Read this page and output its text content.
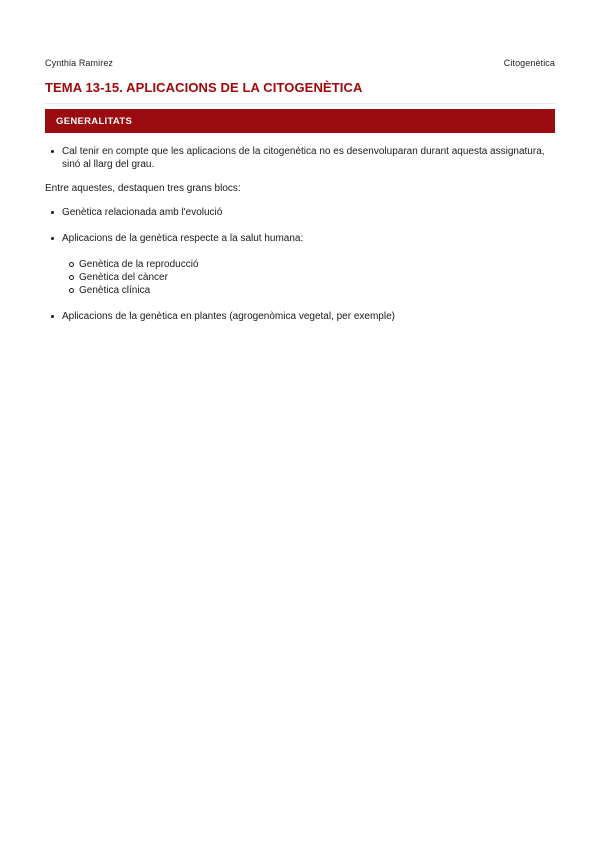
Cynthia Ramirez	Citogenètica
TEMA 13-15. APLICACIONS DE LA CITOGENÈTICA
GENERALITATS
Cal tenir en compte que les aplicacions de la citogenètica no es desenvoluparan durant aquesta assignatura, sinó al llarg del grau.

Entre aquestes, destaquen tres grans blocs:

Genètica relacionada amb l'evolució
Aplicacions de la genètica respecte a la salut humana:
Genètica de la reproducció
Genètica del càncer
Genètica clínica
Aplicacions de la genètica en plantes (agrogenòmica vegetal, per exemple)
